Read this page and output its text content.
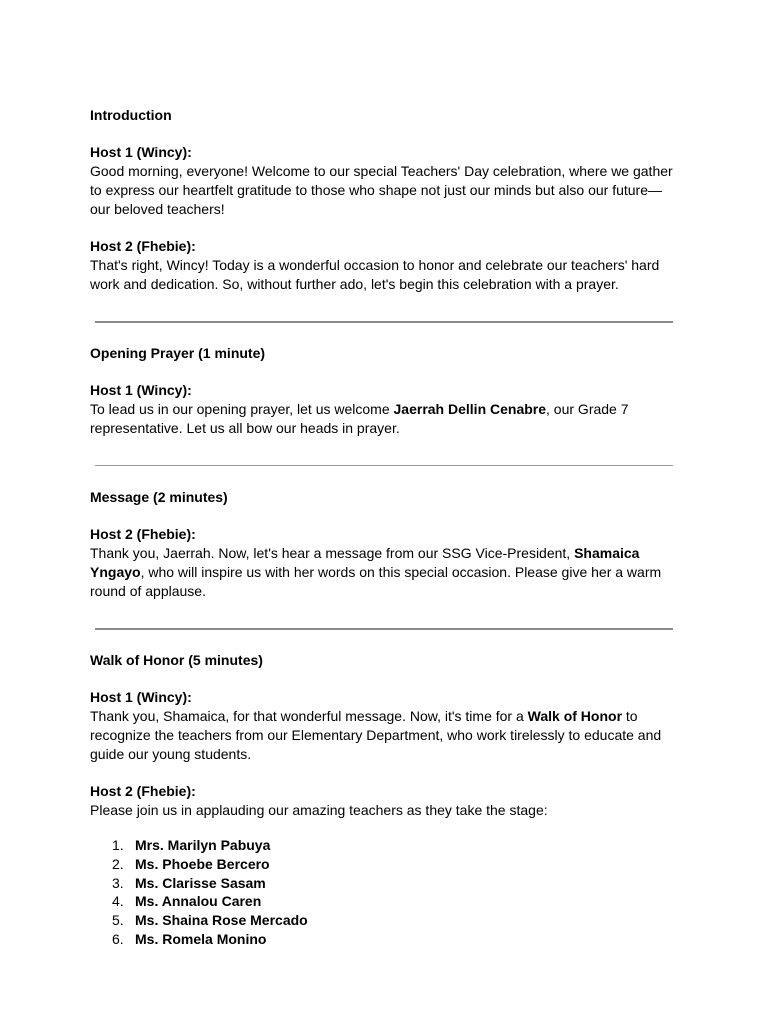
Introduction

Host 1 (Wincy):

Good morning, everyone! Welcome to our special Teachers' Day celebration, where we gather to express our heartfelt gratitude to those who shape not just our minds but also our future—our beloved teachers!

Host 2 (Fhebie):

That's right, Wincy! Today is a wonderful occasion to honor and celebrate our teachers' hard work and dedication. So, without further ado, let's begin this celebration with a prayer.

Opening Prayer (1 minute)

Host 1 (Wincy):

To lead us in our opening prayer, let us welcome Jaerrah Dellin Cenabre, our Grade 7 representative. Let us all bow our heads in prayer.

Message (2 minutes)

Host 2 (Fhebie):

Thank you, Jaerrah. Now, let's hear a message from our SSG Vice-President, Shamaica Yngayo, who will inspire us with her words on this special occasion. Please give her a warm round of applause.

Walk of Honor (5 minutes)

Host 1 (Wincy):

Thank you, Shamaica, for that wonderful message. Now, it's time for a Walk of Honor to recognize the teachers from our Elementary Department, who work tirelessly to educate and guide our young students.

Host 2 (Fhebie):

Please join us in applauding our amazing teachers as they take the stage:

1. Mrs. Marilyn Pabuya
2. Ms. Phoebe Bercero
3. Ms. Clarisse Sasam
4. Ms. Annalou Caren
5. Ms. Shaina Rose Mercado
6. Ms. Romela Monino
